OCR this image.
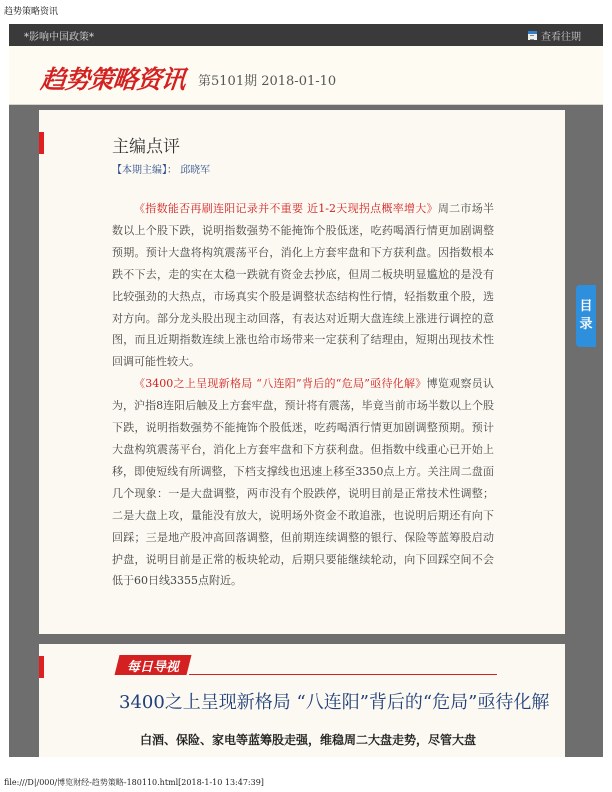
趋势策略资讯
*影响中国政策*	查看往期
趋势策略资讯 第5101期 2018-01-10
主编点评
【本期主编】： 邱晓军

《指数能否再刷连阳记录并不重要 近1-2天现拐点概率增大》周二市场半数以上个股下跌，说明指数强势不能掩饰个股低迷，吃药喝酒行情更加剧调整预期。预计大盘将构筑震荡平台，消化上方套牢盘和下方获利盘。因指数根本跌不下去，走的实在太稳一跌就有资金去抄底，但周二板块明显尴尬的是没有比较强劲的大热点，市场真实个股是调整状态结构性行情，轻指数重个股，选对方向。部分龙头股出现主动回落，有表达对近期大盘连续上涨进行调控的意图，而且近期指数连续上涨也给市场带来一定获利了结理由，短期出现技术性回调可能性较大。

《3400之上呈现新格局 “八连阳”背后的“危局”亟待化解》博览观察员认为，沪指8连阳后触及上方套牢盘，预计将有震荡，毕竟当前市场半数以上个股下跌，说明指数强势不能掩饰个股低迷，吃药喝酒行情更加剧调整预期。预计大盘构筑震荡平台，消化上方套牢盘和下方获利盘。但指数中线重心已开始上移，即使短线有所调整，下档支撑线也迅速上移至3350点上方。关注周二盘面几个现象：一是大盘调整，两市没有个股跌停，说明目前是正常技术性调整；二是大盘上攻，量能没有放大，说明场外资金不敢追涨，也说明后期还有向下回踩；三是地产股冲高回落调整，但前期连续调整的银行、保险等蓝筹股启动护盘，说明目前是正常的板块轮动，后期只要能继续轮动，向下回踩空间不会低于60日线3355点附近。

每日导视
3400之上呈现新格局 “八连阳”背后的“危局”亟待化解
白酒、保险、家电等蓝筹股走强，维稳周二大盘走势，尽管大盘
目
录
file:///D|/000/博览财经-趋势策略-180110.html[2018-1-10 13:47:39]
